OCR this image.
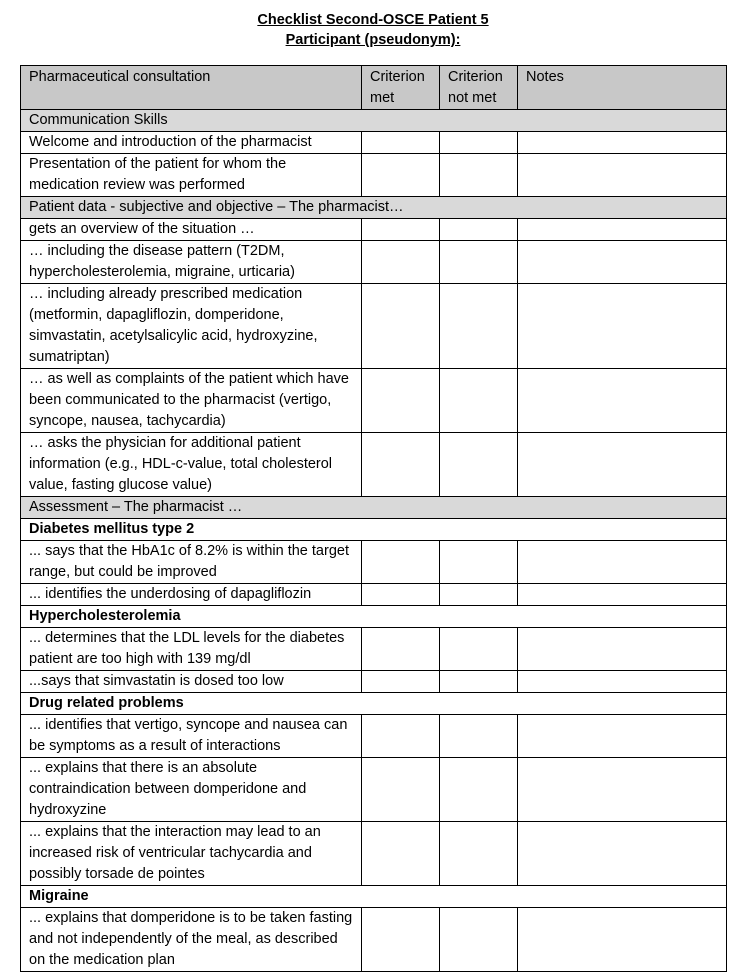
Checklist Second-OSCE Patient 5
Participant (pseudonym):
Pharmaceutical consultation	Criterion met	Criterion not met	Notes
Communication Skills			
Welcome and introduction of the pharmacist			
Presentation of the patient for whom the medication review was performed			
Patient data - subjective and objective – The pharmacist…			
gets an overview of the situation …			
… including the disease pattern (T2DM, hypercholesterolemia, migraine, urticaria)			
… including already prescribed medication (metformin, dapagliflozin, domperidone, simvastatin, acetylsalicylic acid, hydroxyzine, sumatriptan)			
… as well as complaints of the patient which have been communicated to the pharmacist (vertigo, syncope, nausea, tachycardia)			
… asks the physician for additional patient information (e.g., HDL-c-value, total cholesterol value, fasting glucose value)			
Assessment – The pharmacist …			
Diabetes mellitus type 2			
... says that the HbA1c of 8.2% is within the target range, but could be improved			
... identifies the underdosing of dapagliflozin			
Hypercholesterolemia			
... determines that the LDL levels for the diabetes patient are too high with 139 mg/dl			
...says that simvastatin is dosed too low			
Drug related problems			
... identifies that vertigo, syncope and nausea can be symptoms as a result of interactions			
... explains that there is an absolute contraindication between domperidone and hydroxyzine			
... explains that the interaction may lead to an increased risk of ventricular tachycardia and possibly torsade de pointes			
Migraine			
... explains that domperidone is to be taken fasting and not independently of the meal, as described on the medication plan			
